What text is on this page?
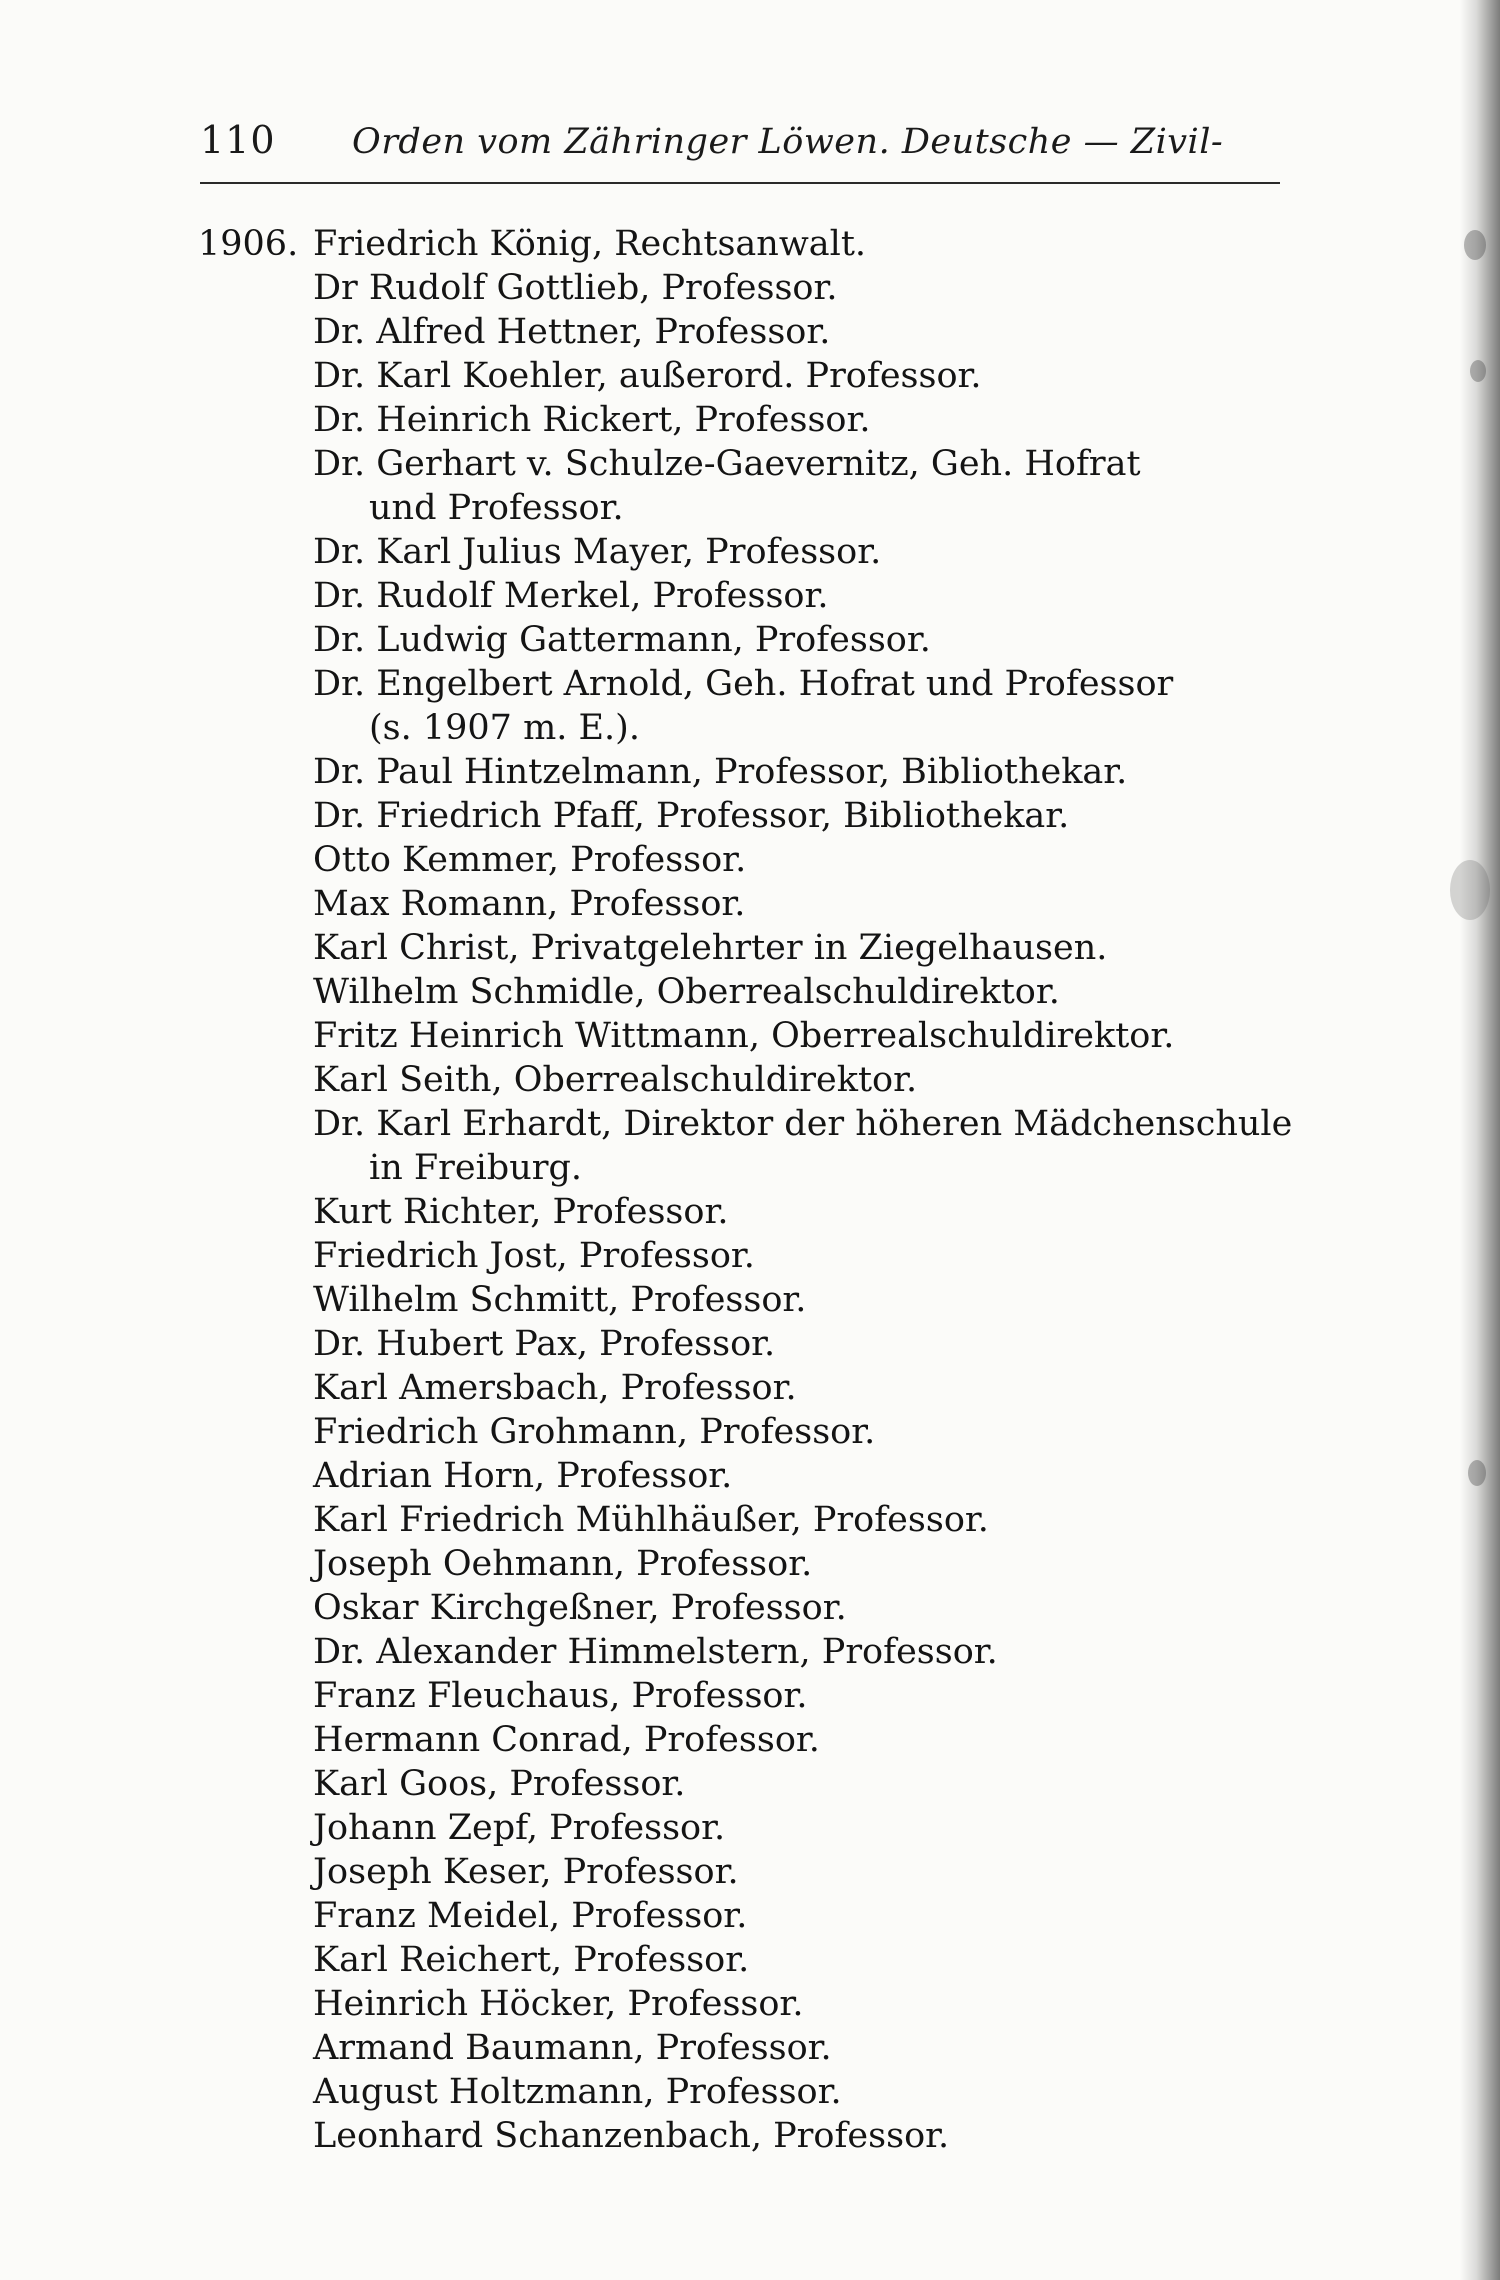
110 Orden vom Zähringer Löwen. Deutsche — Zivil-
1906. Friedrich König, Rechtsanwalt.
Dr Rudolf Gottlieb, Professor.
Dr. Alfred Hettner, Professor.
Dr. Karl Koehler, außerord. Professor.
Dr. Heinrich Rickert, Professor.
Dr. Gerhart v. Schulze-Gaevernitz, Geh. Hofrat
und Professor.
Dr. Karl Julius Mayer, Professor.
Dr. Rudolf Merkel, Professor.
Dr. Ludwig Gattermann, Professor.
Dr. Engelbert Arnold, Geh. Hofrat und Professor
(s. 1907 m. E.).
Dr. Paul Hintzelmann, Professor, Bibliothekar.
Dr. Friedrich Pfaff, Professor, Bibliothekar.
Otto Kemmer, Professor.
Max Romann, Professor.
Karl Christ, Privatgelehrter in Ziegelhausen.
Wilhelm Schmidle, Oberrealschuldirektor.
Fritz Heinrich Wittmann, Oberrealschuldirektor.
Karl Seith, Oberrealschuldirektor.
Dr. Karl Erhardt, Direktor der höheren Mädchenschule
in Freiburg.
Kurt Richter, Professor.
Friedrich Jost, Professor.
Wilhelm Schmitt, Professor.
Dr. Hubert Pax, Professor.
Karl Amersbach, Professor.
Friedrich Grohmann, Professor.
Adrian Horn, Professor.
Karl Friedrich Mühlhäußer, Professor.
Joseph Oehmann, Professor.
Oskar Kirchgeßner, Professor.
Dr. Alexander Himmelstern, Professor.
Franz Fleuchaus, Professor.
Hermann Conrad, Professor.
Karl Goos, Professor.
Johann Zepf, Professor.
Joseph Keser, Professor.
Franz Meidel, Professor.
Karl Reichert, Professor.
Heinrich Höcker, Professor.
Armand Baumann, Professor.
August Holtzmann, Professor.
Leonhard Schanzenbach, Professor.
